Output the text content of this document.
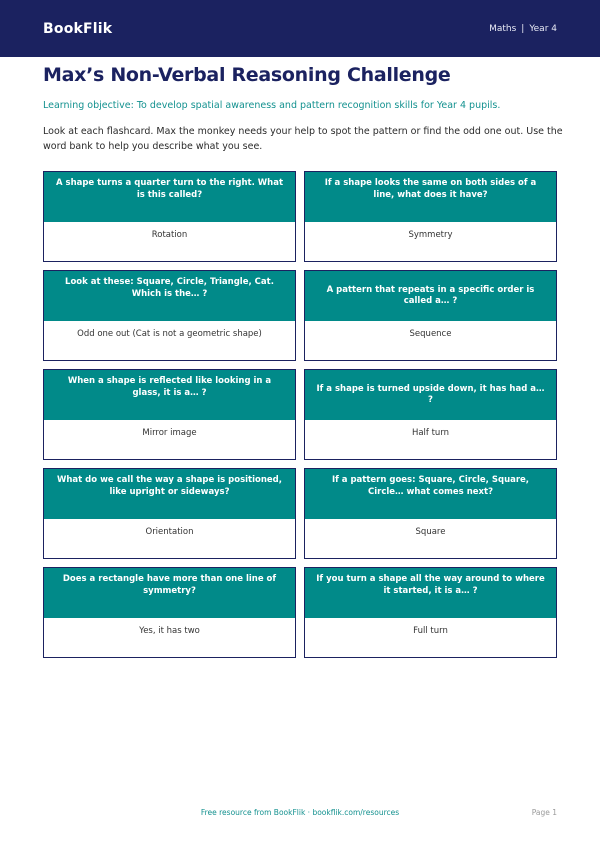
BookFlik	Maths | Year 4
Max’s Non-Verbal Reasoning Challenge

Learning objective: To develop spatial awareness and pattern recognition skills for Year 4 pupils.

Look at each flashcard. Max the monkey needs your help to spot the pattern or find the odd one out. Use the word bank to help you describe what you see.

A shape turns a quarter turn to the right. What is this called?
Rotation
If a shape looks the same on both sides of a line, what does it have?
Symmetry
Look at these: Square, Circle, Triangle, Cat. Which is the… ?
Odd one out (Cat is not a geometric shape)
A pattern that repeats in a specific order is called a… ?
Sequence
When a shape is reflected like looking in a glass, it is a… ?
Mirror image
If a shape is turned upside down, it has had a… ?
Half turn
What do we call the way a shape is positioned, like upright or sideways?
Orientation
If a pattern goes: Square, Circle, Square, Circle… what comes next?
Square
Does a rectangle have more than one line of symmetry?
Yes, it has two
If you turn a shape all the way around to where it started, it is a… ?
Full turn
Free resource from BookFlik · bookflik.com/resources	Page 1
